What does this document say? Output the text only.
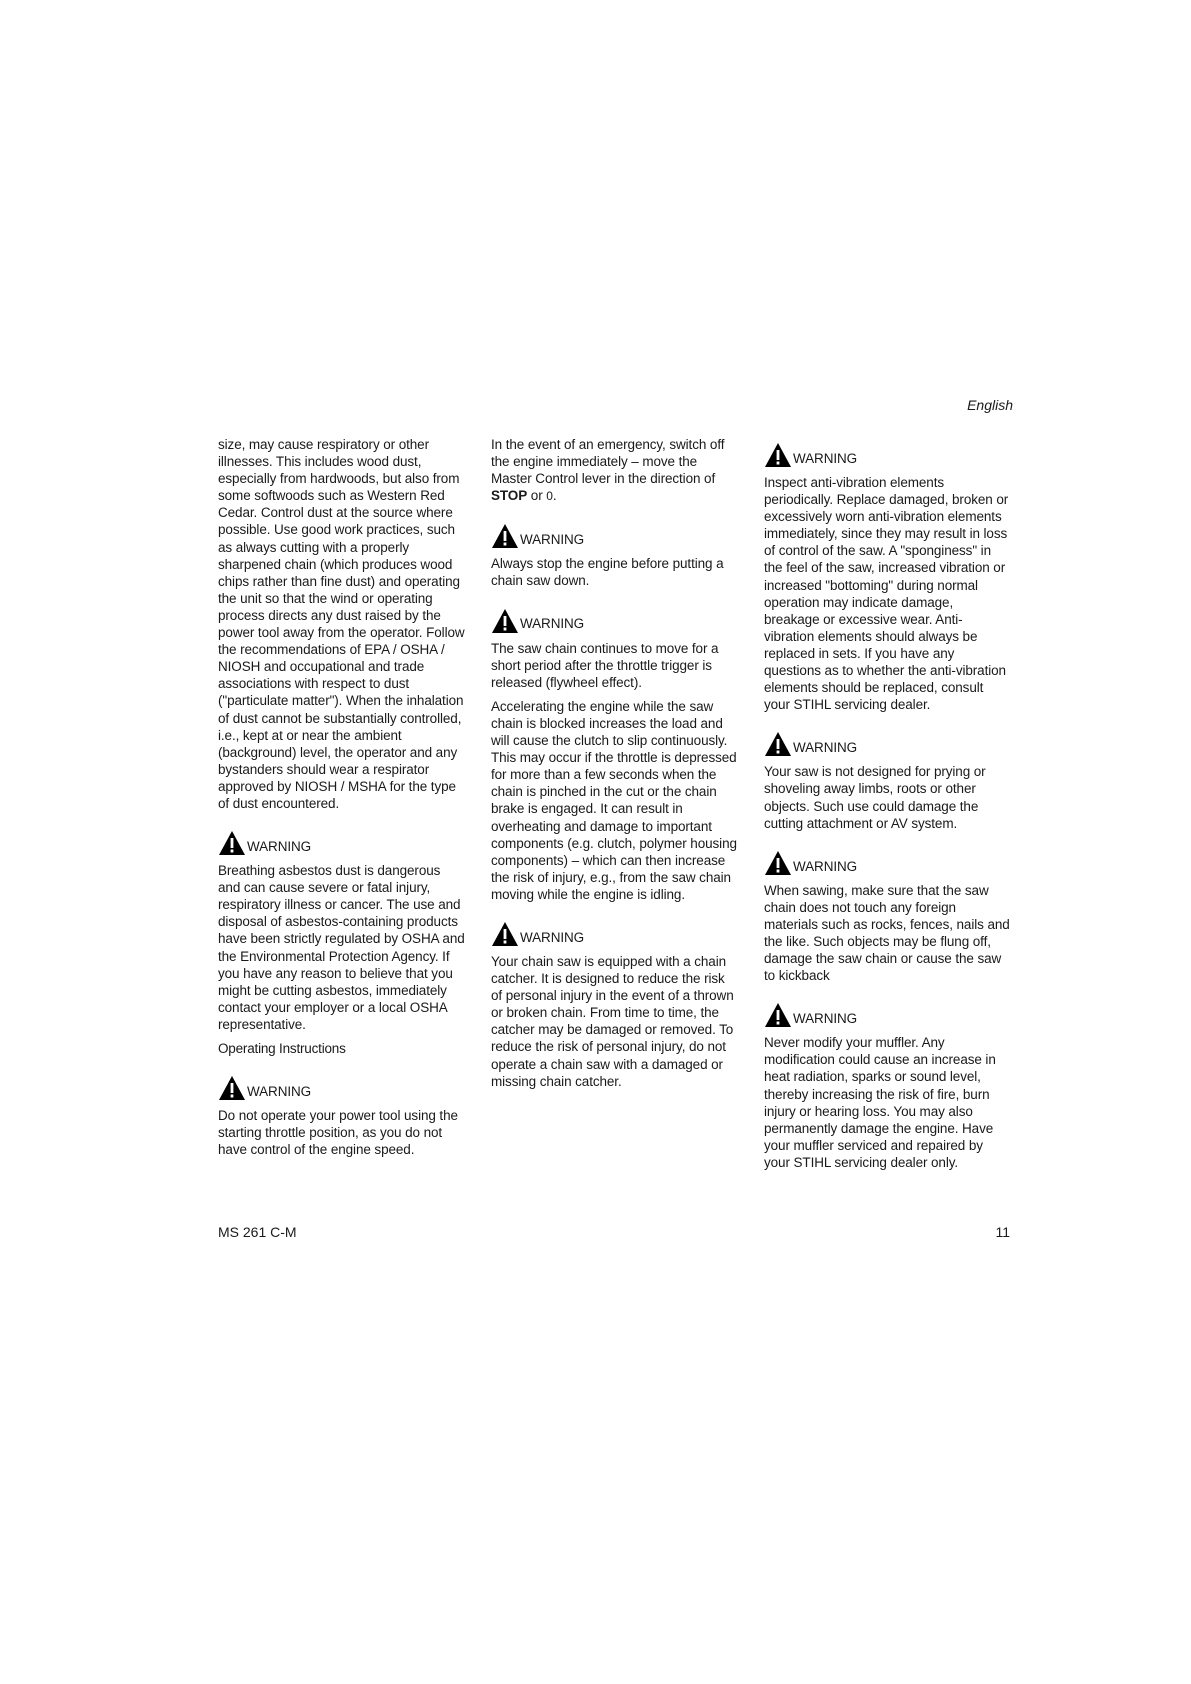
English

size, may cause respiratory or other illnesses. This includes wood dust, especially from hardwoods, but also from some softwoods such as Western Red Cedar. Control dust at the source where possible. Use good work practices, such as always cutting with a properly sharpened chain (which produces wood chips rather than fine dust) and operating the unit so that the wind or operating process directs any dust raised by the power tool away from the operator. Follow the recommendations of EPA / OSHA / NIOSH and occupational and trade associations with respect to dust ("particulate matter"). When the inhalation of dust cannot be substantially controlled, i.e., kept at or near the ambient (background) level, the operator and any bystanders should wear a respirator approved by NIOSH / MSHA for the type of dust encountered.

WARNING

Breathing asbestos dust is dangerous and can cause severe or fatal injury, respiratory illness or cancer. The use and disposal of asbestos-containing products have been strictly regulated by OSHA and the Environmental Protection Agency. If you have any reason to believe that you might be cutting asbestos, immediately contact your employer or a local OSHA representative.

Operating Instructions

WARNING

Do not operate your power tool using the starting throttle position, as you do not have control of the engine speed.

In the event of an emergency, switch off the engine immediately – move the Master Control lever in the direction of STOP or 0.

WARNING

Always stop the engine before putting a chain saw down.

WARNING

The saw chain continues to move for a short period after the throttle trigger is released (flywheel effect).

Accelerating the engine while the saw chain is blocked increases the load and will cause the clutch to slip continuously. This may occur if the throttle is depressed for more than a few seconds when the chain is pinched in the cut or the chain brake is engaged. It can result in overheating and damage to important components (e.g. clutch, polymer housing components) – which can then increase the risk of injury, e.g., from the saw chain moving while the engine is idling.

WARNING

Your chain saw is equipped with a chain catcher. It is designed to reduce the risk of personal injury in the event of a thrown or broken chain. From time to time, the catcher may be damaged or removed. To reduce the risk of personal injury, do not operate a chain saw with a damaged or missing chain catcher.

WARNING

Inspect anti-vibration elements periodically. Replace damaged, broken or excessively worn anti-vibration elements immediately, since they may result in loss of control of the saw. A "sponginess" in the feel of the saw, increased vibration or increased "bottoming" during normal operation may indicate damage, breakage or excessive wear. Anti-vibration elements should always be replaced in sets. If you have any questions as to whether the anti-vibration elements should be replaced, consult your STIHL servicing dealer.

WARNING

Your saw is not designed for prying or shoveling away limbs, roots or other objects. Such use could damage the cutting attachment or AV system.

WARNING

When sawing, make sure that the saw chain does not touch any foreign materials such as rocks, fences, nails and the like. Such objects may be flung off, damage the saw chain or cause the saw to kickback

WARNING

Never modify your muffler. Any modification could cause an increase in heat radiation, sparks or sound level, thereby increasing the risk of fire, burn injury or hearing loss. You may also permanently damage the engine. Have your muffler serviced and repaired by your STIHL servicing dealer only.

MS 261 C-M	11
